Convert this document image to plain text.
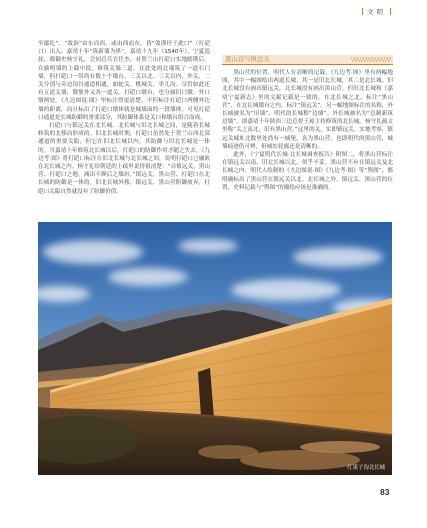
文明

至鄢纥”、“敛诣”由东而西，或由西而东，皆“敛谨径于此口”（打硙口）出入。嘉靖十年“筑新墙为界”，嘉靖十九年（1540年），宁夏巡抚、都御史杨守礼，会同总兵官任杰，对贺兰山打硙口实地踏勘后，在偷明墙的上截中段，修筑关墙三道，在此处的北端筑了一道石门墙，但打硙口一带尚有数十个墩台。三关以北、三关以内，外关、二关分别与旁边沟谷通道相通，如蛇关、桃城关、枣儿沟。尽管如此还有五道关墙，墩堡外又各一道关。打硙口墩台，也分属旧口墩、外口墩两处。《九边图说·图》里标注得更清楚，不但标注打硙口两侧外边墙的距离，而且标出了打硙口墩体就是城墙面的一段墙体。可见打硙口通道是长城防御的重要部分，其防御体系是关口和墩台组合而成。

打硙口与镇远关在北长城、北长城与旧北长城之间，是随着长城修筑的北移而形成的。旧北长城时期，打硙口虽然处于贺兰山西北部通道的重要关隘，但它在旧北长城以内，其防御与旧北长城是一体的。当嘉靖十年修筑北长城以后，打硙口的防御作用才随之失去。《九边考·图》将打硙口标注在旧北长城与北长城之间，说明打硙口已融嵌在北长城之内。杨守礼给朝廷的上疏里说得很清楚：“自镇远关、黑山营、打硙口之地，减出不颓后之墙垣。”镇远关、黑山营、打硙口在北长城的防御是一体的，旧北长城外移，镇远关、黑山营防御放弃，打硙口关隘自然就没有了防御价值。

黑山营与镇远关

黑山营的位置，明代人有清晰的记载。《九边考·图》里有两幅地图，其中一幅图绘出两道长城，其一是旧北长城，其二是北长城。旧北长城没有画出镇远关，北长城没有画出黑山营。但旧北长城和《嘉靖宁夏新志》里的文献记载是一致的，在北长城之北，标注“黑山营”，在北长城墩台之内，标注“镇远关”。另一幅地图标注的名称，外长城被名为“旧墙”，明代的长城称“边墙”。外长城被名为“总制新筑边墙”，即嘉靖十年陕西三边总督王琼主持修筑的北长城。杨守礼疏文里称“关之南北，旧有黑山营。”这里的关，实即镇远关。实地考察，镇远关城址北数里处尚有一城堡，名为黑山营，也即明代的黑山营，城墙痕迹仍可辨，但城址轮廓还是清晰的。

此外，《宁夏明代长城·北长城调查报告》附图二，将黑山营标注在镇远关以南、旧北长城以北，似乎不妥。黑山营不应在镇远关及北长城之内。明代人绘制的《九边图说·图》《九边考·图》等“舆图”，都明确标出了黑山营在镇远关以北、北长城之外。镇远关、黑山营的位置，史料记载与“舆图”的描绘应该是准确的。

红果子沟北长城
83
